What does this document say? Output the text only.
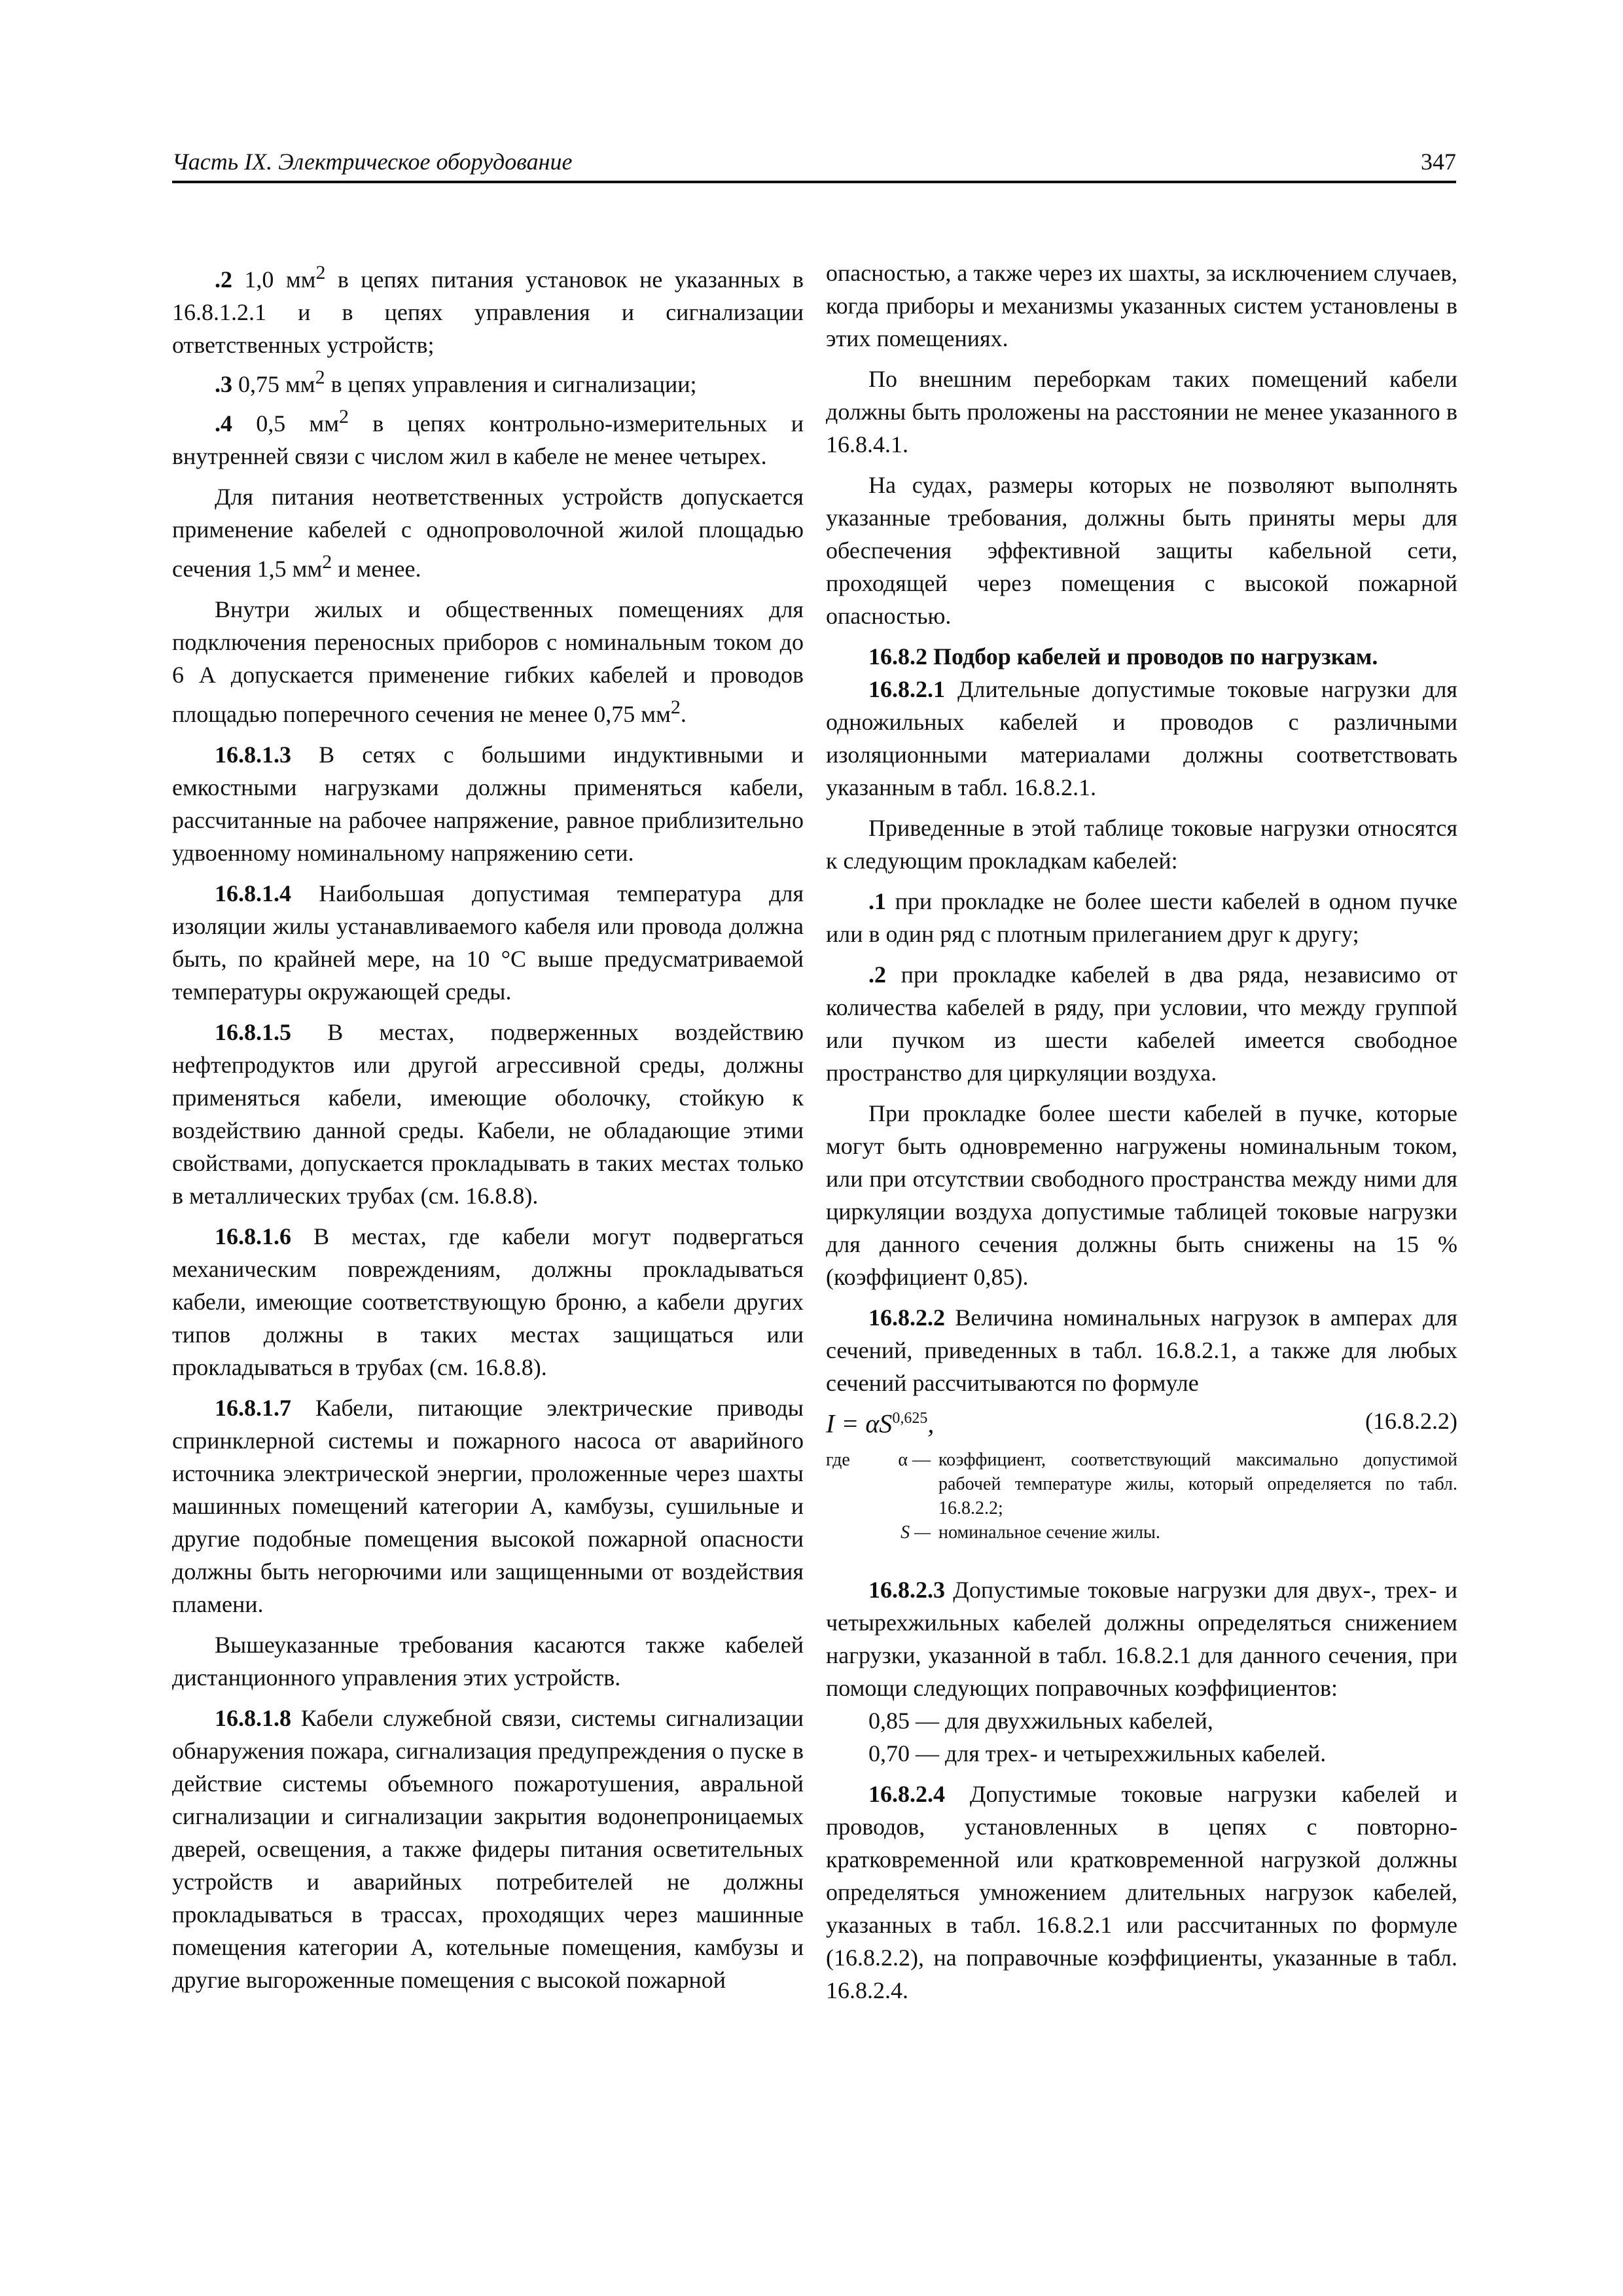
Часть IX. Электрическое оборудование	347

.2 1,0 $мм^2$ в цепях питания установок не указанных в 16.8.1.2.1 и в цепях управления и сигнализации ответственных устройств;

.3 0,75 $мм^2$ в цепях управления и сигнализации;

.4 0,5 $мм^2$ в цепях контрольно-измерительных и внутренней связи с числом жил в кабеле не менее четырех.

Для питания неответственных устройств допускается применение кабелей с однопроволочной жилой площадью сечения 1,5 $мм^2$ и менее.

Внутри жилых и общественных помещениях для подключения переносных приборов с номинальным током до 6 А допускается применение гибких кабелей и проводов площадью поперечного сечения не менее 0,75 $мм^2$.

16.8.1.3 В сетях с большими индуктивными и емкостными нагрузками должны применяться кабели, рассчитанные на рабочее напряжение, равное приблизительно удвоенному номинальному напряжению сети.

16.8.1.4 Наибольшая допустимая температура для изоляции жилы устанавливаемого кабеля или провода должна быть, по крайней мере, на 10 °С выше предусматриваемой температуры окружающей среды.

16.8.1.5 В местах, подверженных воздействию нефтепродуктов или другой агрессивной среды, должны применяться кабели, имеющие оболочку, стойкую к воздействию данной среды. Кабели, не обладающие этими свойствами, допускается прокладывать в таких местах только в металлических трубах (см. 16.8.8).

16.8.1.6 В местах, где кабели могут подвергаться механическим повреждениям, должны прокладываться кабели, имеющие соответствующую броню, а кабели других типов должны в таких местах защищаться или прокладываться в трубах (см. 16.8.8).

16.8.1.7 Кабели, питающие электрические приводы спринклерной системы и пожарного насоса от аварийного источника электрической энергии, проложенные через шахты машинных помещений категории А, камбузы, сушильные и другие подобные помещения высокой пожарной опасности должны быть негорючими или защищенными от воздействия пламени.

Вышеуказанные требования касаются также кабелей дистанционного управления этих устройств.

16.8.1.8 Кабели служебной связи, системы сигнализации обнаружения пожара, сигнализация предупреждения о пуске в действие системы объемного пожаротушения, авральной сигнализации и сигнализации закрытия водонепроницаемых дверей, освещения, а также фидеры питания осветительных устройств и аварийных потребителей не должны прокладываться в трассах, проходящих через машинные помещения категории А, котельные помещения, камбузы и другие выгороженные помещения с высокой пожарной

опасностью, а также через их шахты, за исключением случаев, когда приборы и механизмы указанных систем установлены в этих помещениях.

По внешним переборкам таких помещений кабели должны быть проложены на расстоянии не менее указанного в 16.8.4.1.

На судах, размеры которых не позволяют выполнять указанные требования, должны быть приняты меры для обеспечения эффективной защиты кабельной сети, проходящей через помещения с высокой пожарной опасностью.

16.8.2 Подбор кабелей и проводов по нагрузкам.

16.8.2.1 Длительные допустимые токовые нагрузки для одножильных кабелей и проводов с различными изоляционными материалами должны соответствовать указанным в табл. 16.8.2.1.

Приведенные в этой таблице токовые нагрузки относятся к следующим прокладкам кабелей:

.1 при прокладке не более шести кабелей в одном пучке или в один ряд с плотным прилеганием друг к другу;

.2 при прокладке кабелей в два ряда, независимо от количества кабелей в ряду, при условии, что между группой или пучком из шести кабелей имеется свободное пространство для циркуляции воздуха.

При прокладке более шести кабелей в пучке, которые могут быть одновременно нагружены номинальным током, или при отсутствии свободного пространства между ними для циркуляции воздуха допустимые таблицей токовые нагрузки для данного сечения должны быть снижены на 15 % (коэффициент 0,85).

16.8.2.2 Величина номинальных нагрузок в амперах для сечений, приведенных в табл. 16.8.2.1, а также для любых сечений рассчитываются по формуле

I = αS$^{0,625}$,	(16.8.2.2)
где	α — коэффициент, соответствующий максимально допустимой рабочей температуре жилы, который определяется по табл. 16.8.2.2;
S — номинальное сечение жилы.

16.8.2.3 Допустимые токовые нагрузки для двух-, трех- и четырехжильных кабелей должны определяться снижением нагрузки, указанной в табл. 16.8.2.1 для данного сечения, при помощи следующих поправочных коэффициентов:

0,85 — для двухжильных кабелей,

0,70 — для трех- и четырехжильных кабелей.

16.8.2.4 Допустимые токовые нагрузки кабелей и проводов, установленных в цепях с повторно-кратковременной или кратковременной нагрузкой должны определяться умножением длительных нагрузок кабелей, указанных в табл. 16.8.2.1 или рассчитанных по формуле (16.8.2.2), на поправочные коэффициенты, указанные в табл. 16.8.2.4.
